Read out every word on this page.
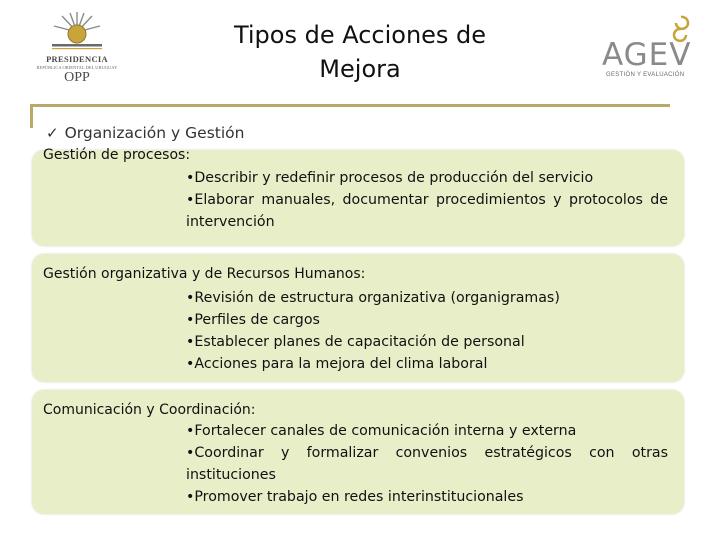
PRESIDENCIA
REPÚBLICA ORIENTAL DEL URUGUAY
OPP
Tipos de Acciones de Mejora	AGEV
GESTIÓN Y EVALUACIÓN
✓ Organización y Gestión
Gestión de procesos:
•Describir y redefinir procesos de producción del servicio
•Elaborar manuales, documentar procedimientos y protocolos de intervención
Gestión organizativa y de Recursos Humanos:
•Revisión de estructura organizativa (organigramas)
•Perfiles de cargos
•Establecer planes de capacitación de personal
•Acciones para la mejora del clima laboral
Comunicación y Coordinación:
•Fortalecer canales de comunicación interna y externa
•Coordinar y formalizar convenios estratégicos con otras instituciones
•Promover trabajo en redes interinstitucionales
